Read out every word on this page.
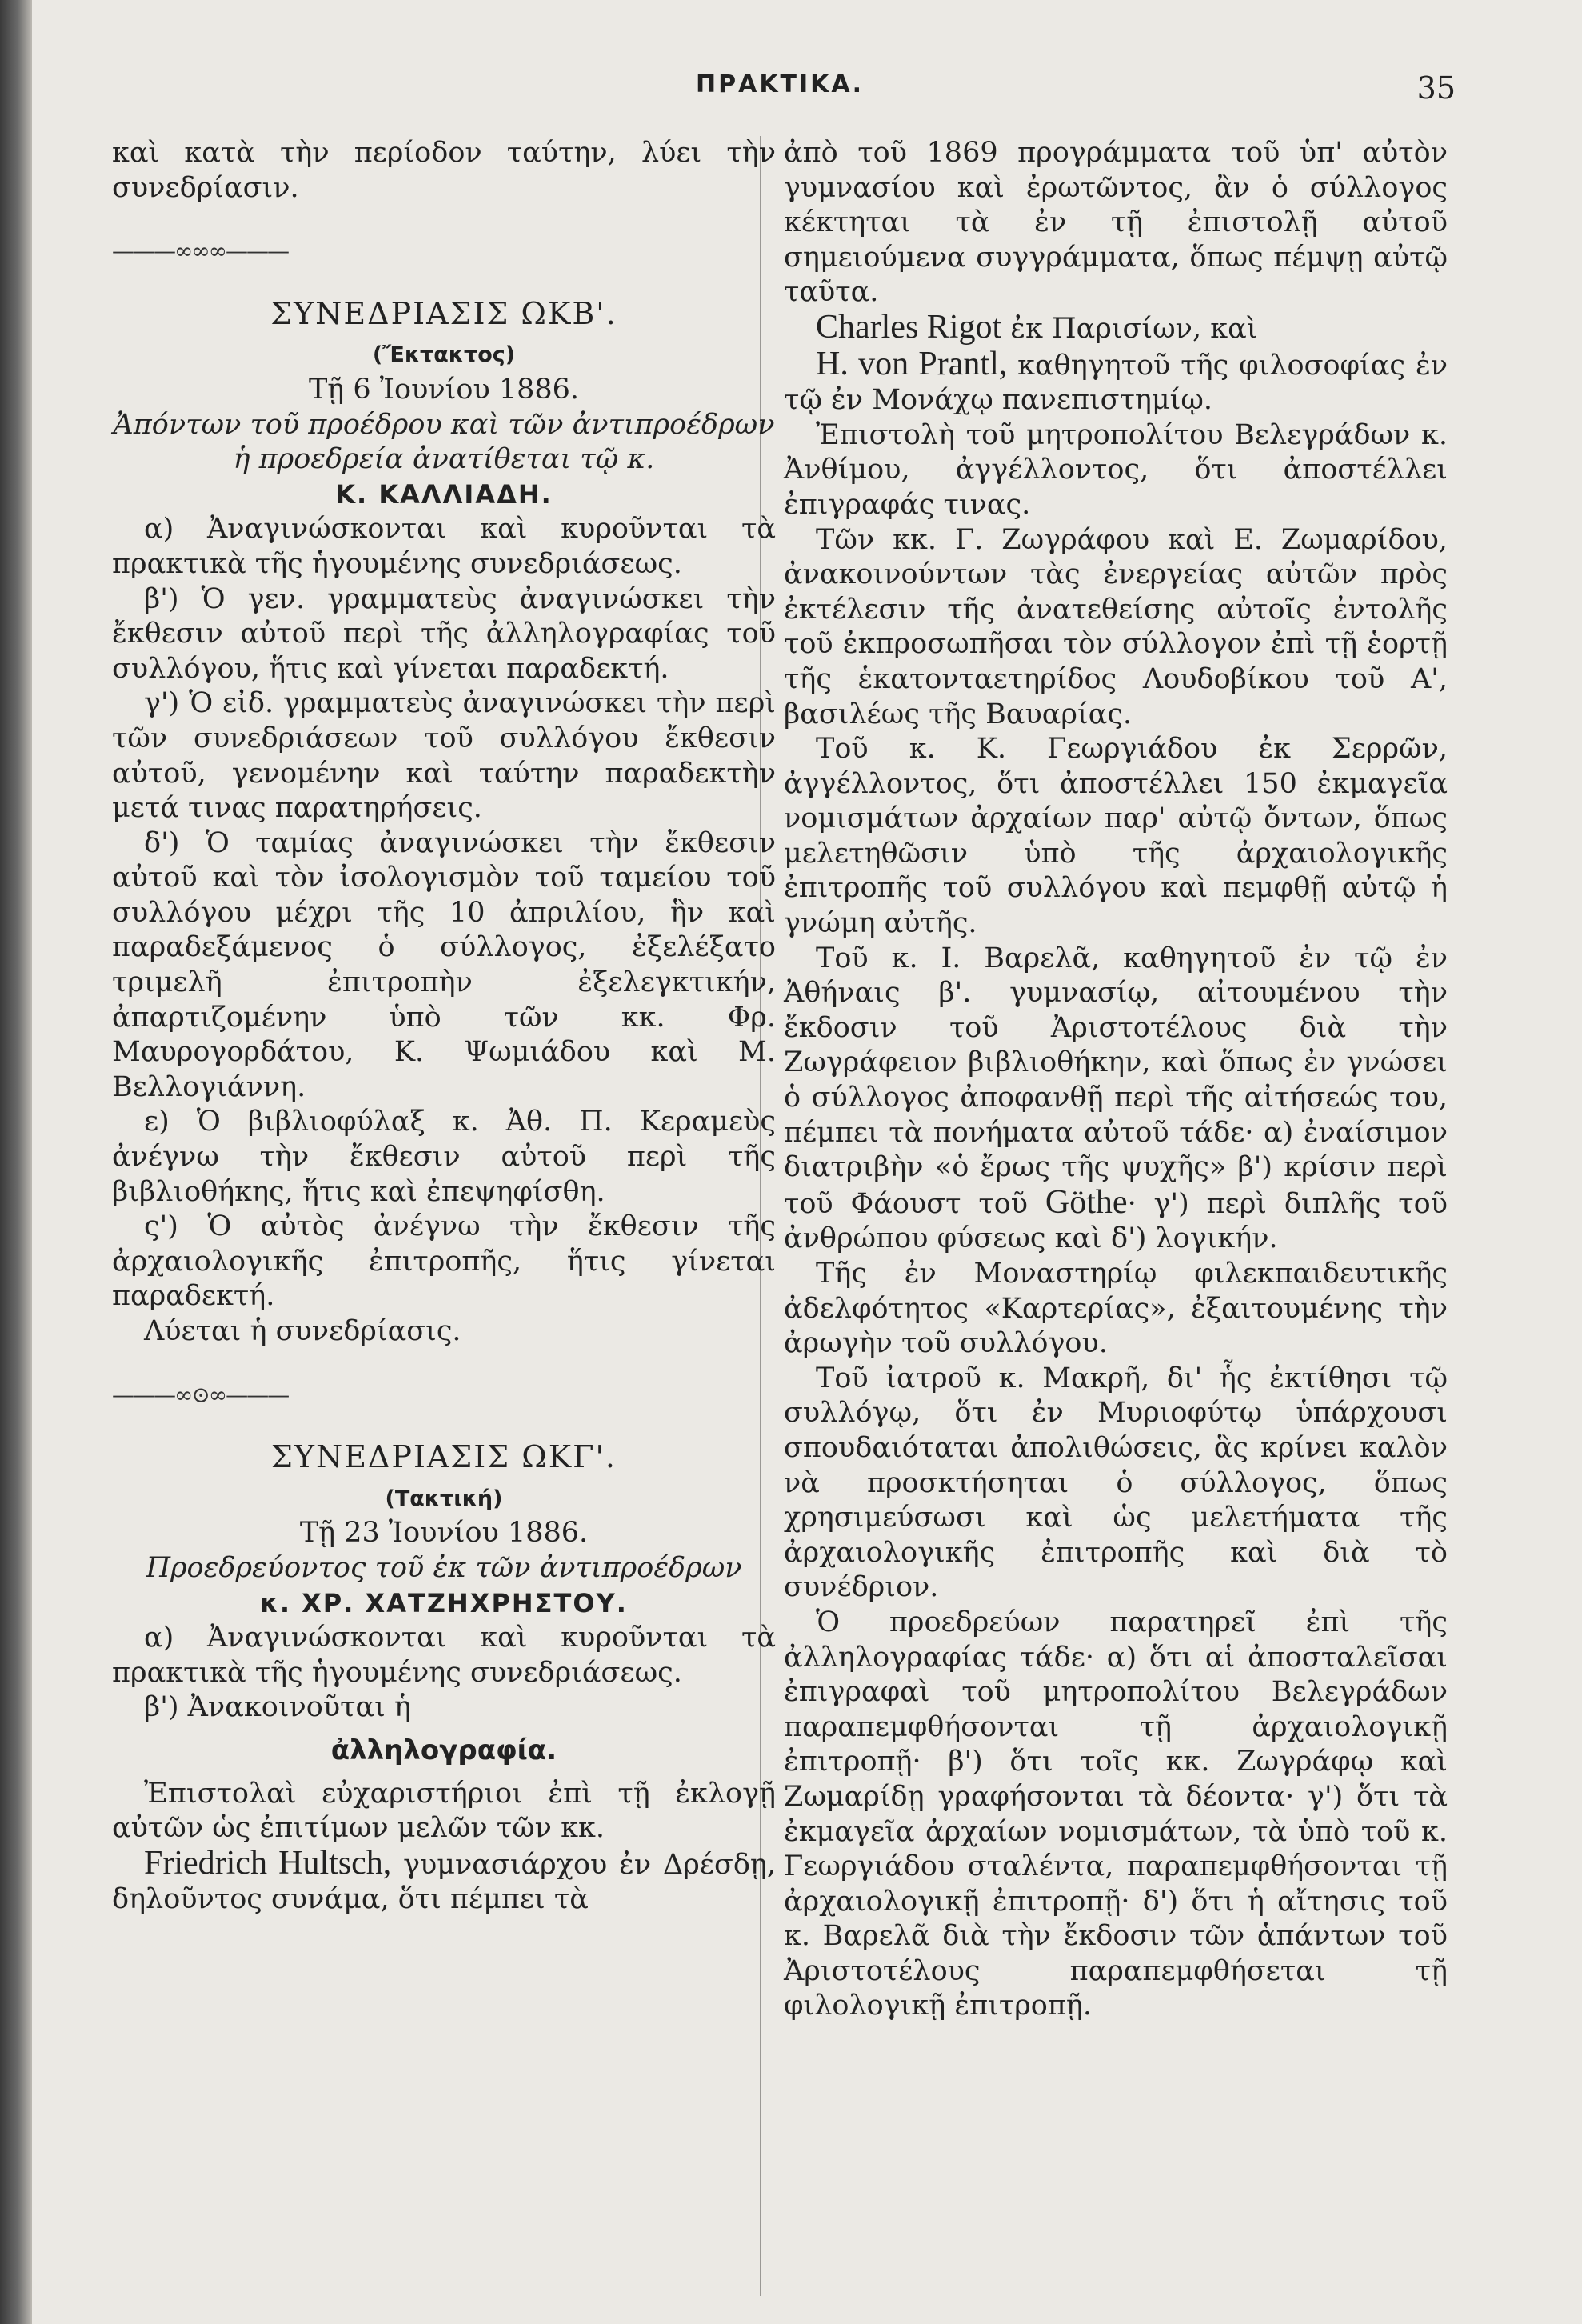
ΠΡΑΚΤΙΚΑ.	35

καὶ κατὰ τὴν περίοδον ταύτην, λύει τὴν συνεδρίασιν.

———∞∞∞———

ΣΥΝΕΔΡΙΑΣΙΣ ΩΚΒ'.

(Ἔκτακτος)

Τῇ 6 Ἰουνίου 1886.

Ἀπόντων τοῦ προέδρου καὶ τῶν ἀντιπροέδρων ἡ προεδρεία ἀνατίθεται τῷ κ.

Κ. ΚΑΛΛΙΑΔΗ.

α) Ἀναγινώσκονται καὶ κυροῦνται τὰ πρακτικὰ τῆς ἡγουμένης συνεδριάσεως.

β') Ὁ γεν. γραμματεὺς ἀναγινώσκει τὴν ἔκθεσιν αὐτοῦ περὶ τῆς ἀλληλογραφίας τοῦ συλλόγου, ἥτις καὶ γίνεται παραδεκτή.

γ') Ὁ εἰδ. γραμματεὺς ἀναγινώσκει τὴν περὶ τῶν συνεδριάσεων τοῦ συλλόγου ἔκθεσιν αὐτοῦ, γενομένην καὶ ταύτην παραδεκτὴν μετά τινας παρατηρήσεις.

δ') Ὁ ταμίας ἀναγινώσκει τὴν ἔκθεσιν αὐτοῦ καὶ τὸν ἰσολογισμὸν τοῦ ταμείου τοῦ συλλόγου μέχρι τῆς 10 ἀπριλίου, ἣν καὶ παραδεξάμενος ὁ σύλλογος, ἐξελέξατο τριμελῆ ἐπιτροπὴν ἐξελεγκτικήν, ἀπαρτιζομένην ὑπὸ τῶν κκ. Φρ. Μαυρογορδάτου, Κ. Ψωμιάδου καὶ Μ. Βελλογιάννη.

ε) Ὁ βιβλιοφύλαξ κ. Ἀθ. Π. Κεραμεὺς ἀνέγνω τὴν ἔκθεσιν αὐτοῦ περὶ τῆς βιβλιοθήκης, ἥτις καὶ ἐπεψηφίσθη.

ς') Ὁ αὐτὸς ἀνέγνω τὴν ἔκθεσιν τῆς ἀρχαιολογικῆς ἐπιτροπῆς, ἥτις γίνεται παραδεκτή.

Λύεται ἡ συνεδρίασις.

———∞⊙∞———

ΣΥΝΕΔΡΙΑΣΙΣ ΩΚΓ'.

(Τακτική)

Τῇ 23 Ἰουνίου 1886.

Προεδρεύοντος τοῦ ἐκ τῶν ἀντιπροέδρων

κ. ΧΡ. ΧΑΤΖΗΧΡΗΣΤΟΥ.

α) Ἀναγινώσκονται καὶ κυροῦνται τὰ πρακτικὰ τῆς ἡγουμένης συνεδριάσεως.

β') Ἀνακοινοῦται ἡ

ἀλληλογραφία.

Ἐπιστολαὶ εὐχαριστήριοι ἐπὶ τῇ ἐκλογῇ αὐτῶν ὡς ἐπιτίμων μελῶν τῶν κκ.

Friedrich Hultsch, γυμνασιάρχου ἐν Δρέσδῃ, δηλοῦντος συνάμα, ὅτι πέμπει τὰ

ἀπὸ τοῦ 1869 προγράμματα τοῦ ὑπ' αὐτὸν γυμνασίου καὶ ἐρωτῶντος, ἂν ὁ σύλλογος κέκτηται τὰ ἐν τῇ ἐπιστολῇ αὐτοῦ σημειούμενα συγγράμματα, ὅπως πέμψῃ αὐτῷ ταῦτα.

Charles Rigot ἐκ Παρισίων, καὶ

H. von Prantl, καθηγητοῦ τῆς φιλοσοφίας ἐν τῷ ἐν Μονάχῳ πανεπιστημίῳ.

Ἐπιστολὴ τοῦ μητροπολίτου Βελεγράδων κ. Ἀνθίμου, ἀγγέλλοντος, ὅτι ἀποστέλλει ἐπιγραφάς τινας.

Τῶν κκ. Γ. Ζωγράφου καὶ Ε. Ζωμαρίδου, ἀνακοινούντων τὰς ἐνεργείας αὐτῶν πρὸς ἐκτέλεσιν τῆς ἀνατεθείσης αὐτοῖς ἐντολῆς τοῦ ἐκπροσωπῆσαι τὸν σύλλογον ἐπὶ τῇ ἑορτῇ τῆς ἑκατονταετηρίδος Λουδοβίκου τοῦ Α', βασιλέως τῆς Βαυαρίας.

Τοῦ κ. Κ. Γεωργιάδου ἐκ Σερρῶν, ἀγγέλλοντος, ὅτι ἀποστέλλει 150 ἐκμαγεῖα νομισμάτων ἀρχαίων παρ' αὐτῷ ὄντων, ὅπως μελετηθῶσιν ὑπὸ τῆς ἀρχαιολογικῆς ἐπιτροπῆς τοῦ συλλόγου καὶ πεμφθῇ αὐτῷ ἡ γνώμη αὐτῆς.

Τοῦ κ. Ι. Βαρελᾶ, καθηγητοῦ ἐν τῷ ἐν Ἀθήναις β'. γυμνασίῳ, αἰτουμένου τὴν ἔκδοσιν τοῦ Ἀριστοτέλους διὰ τὴν Ζωγράφειον βιβλιοθήκην, καὶ ὅπως ἐν γνώσει ὁ σύλλογος ἀποφανθῇ περὶ τῆς αἰτήσεώς του, πέμπει τὰ πονήματα αὐτοῦ τάδε· α) ἐναίσιμον διατριβὴν «ὁ ἔρως τῆς ψυχῆς» β') κρίσιν περὶ τοῦ Φάουστ τοῦ Göthe· γ') περὶ διπλῆς τοῦ ἀνθρώπου φύσεως καὶ δ') λογικήν.

Τῆς ἐν Μοναστηρίῳ φιλεκπαιδευτικῆς ἀδελφότητος «Καρτερίας», ἐξαιτουμένης τὴν ἀρωγὴν τοῦ συλλόγου.

Τοῦ ἰατροῦ κ. Μακρῆ, δι' ἧς ἐκτίθησι τῷ συλλόγῳ, ὅτι ἐν Μυριοφύτῳ ὑπάρχουσι σπουδαιόταται ἀπολιθώσεις, ἃς κρίνει καλὸν νὰ προσκτήσηται ὁ σύλλογος, ὅπως χρησιμεύσωσι καὶ ὡς μελετήματα τῆς ἀρχαιολογικῆς ἐπιτροπῆς καὶ διὰ τὸ συνέδριον.

Ὁ προεδρεύων παρατηρεῖ ἐπὶ τῆς ἀλληλογραφίας τάδε· α) ὅτι αἱ ἀποσταλεῖσαι ἐπιγραφαὶ τοῦ μητροπολίτου Βελεγράδων παραπεμφθήσονται τῇ ἀρχαιολογικῇ ἐπιτροπῇ· β') ὅτι τοῖς κκ. Ζωγράφῳ καὶ Ζωμαρίδῃ γραφήσονται τὰ δέοντα· γ') ὅτι τὰ ἐκμαγεῖα ἀρχαίων νομισμάτων, τὰ ὑπὸ τοῦ κ. Γεωργιάδου σταλέντα, παραπεμφθήσονται τῇ ἀρχαιολογικῇ ἐπιτροπῇ· δ') ὅτι ἡ αἴτησις τοῦ κ. Βαρελᾶ διὰ τὴν ἔκδοσιν τῶν ἁπάντων τοῦ Ἀριστοτέλους παραπεμφθήσεται τῇ φιλολογικῇ ἐπιτροπῇ.
